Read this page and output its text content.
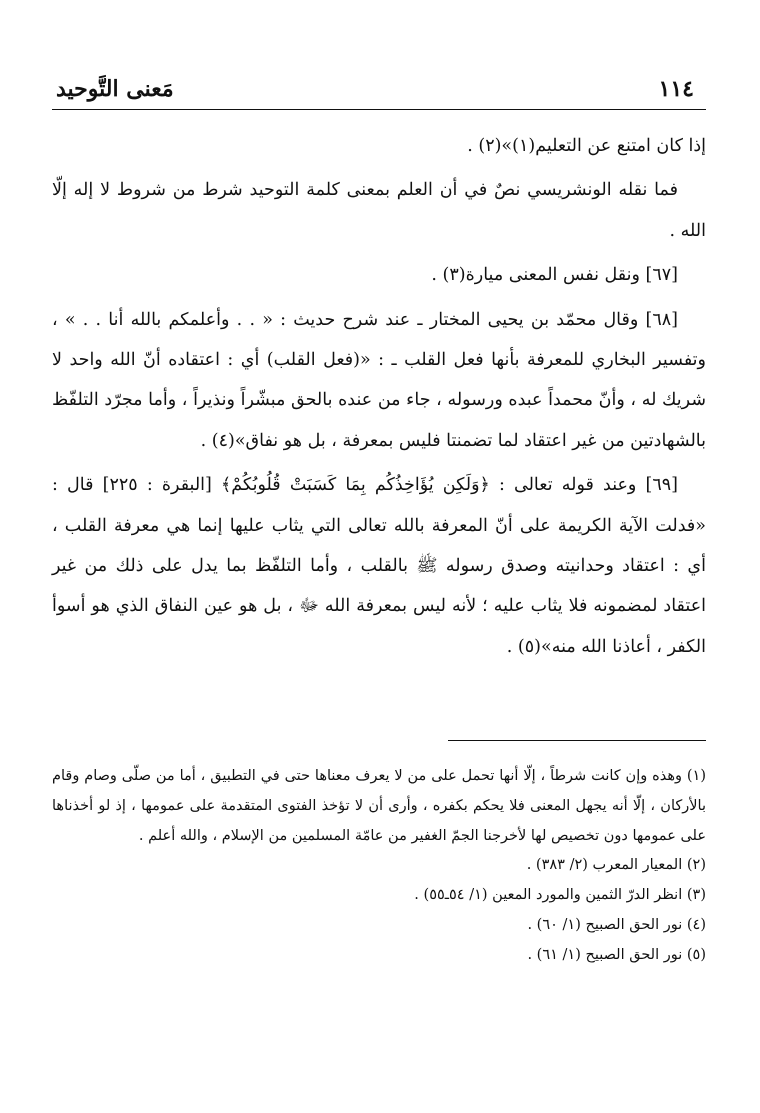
١١٤
مَعنى التَّوحيد

إذا كان امتنع عن التعليم(١)»(٢) .

فما نقله الونشريسي نصٌ في أن العلم بمعنى كلمة التوحيد شرط من شروط لا إله إلّا الله .

[٦٧] ونقل نفس المعنى ميارة(٣) .

[٦٨] وقال محمّد بن يحيى المختار ـ عند شرح حديث : « . . وأعلمكم بالله أنا . . » ، وتفسير البخاري للمعرفة بأنها فعل القلب ـ : «(فعل القلب) أي : اعتقاده أنّ الله واحد لا شريك له ، وأنّ محمداً عبده ورسوله ، جاء من عنده بالحق مبشّراً ونذيراً ، وأما مجرّد التلفّظ بالشهادتين من غير اعتقاد لما تضمنتا فليس بمعرفة ، بل هو نفاق»(٤) .

[٦٩] وعند قوله تعالى : ﴿وَلَكِن يُؤَاخِذُكُم بِمَا كَسَبَتْ قُلُوبُكُمْ﴾ [البقرة : ٢٢٥] قال : «فدلت الآية الكريمة على أنّ المعرفة بالله تعالى التي يثاب عليها إنما هي معرفة القلب ، أي : اعتقاد وحدانيته وصدق رسوله ﷺ بالقلب ، وأما التلفّظ بما يدل على ذلك من غير اعتقاد لمضمونه فلا يثاب عليه ؛ لأنه ليس بمعرفة الله ﷻ ، بل هو عين النفاق الذي هو أسوأ الكفر ، أعاذنا الله منه»(٥) .

(١) وهذه وإن كانت شرطاً ، إلّا أنها تحمل على من لا يعرف معناها حتى في التطبيق ، أما من صلّى وصام وقام بالأركان ، إلّا أنه يجهل المعنى فلا يحكم بكفره ، وأرى أن لا تؤخذ الفتوى المتقدمة على عمومها ، إذ لو أخذناها على عمومها دون تخصيص لها لأخرجنا الجمّ الغفير من عامّة المسلمين من الإسلام ، والله أعلم .

(٢) المعيار المعرب (٢/ ٣٨٣) .

(٣) انظر الدرّ الثمين والمورد المعين (١/ ٥٤ـ٥٥) .

(٤) نور الحق الصبيح (١/ ٦٠) .

(٥) نور الحق الصبيح (١/ ٦١) .
